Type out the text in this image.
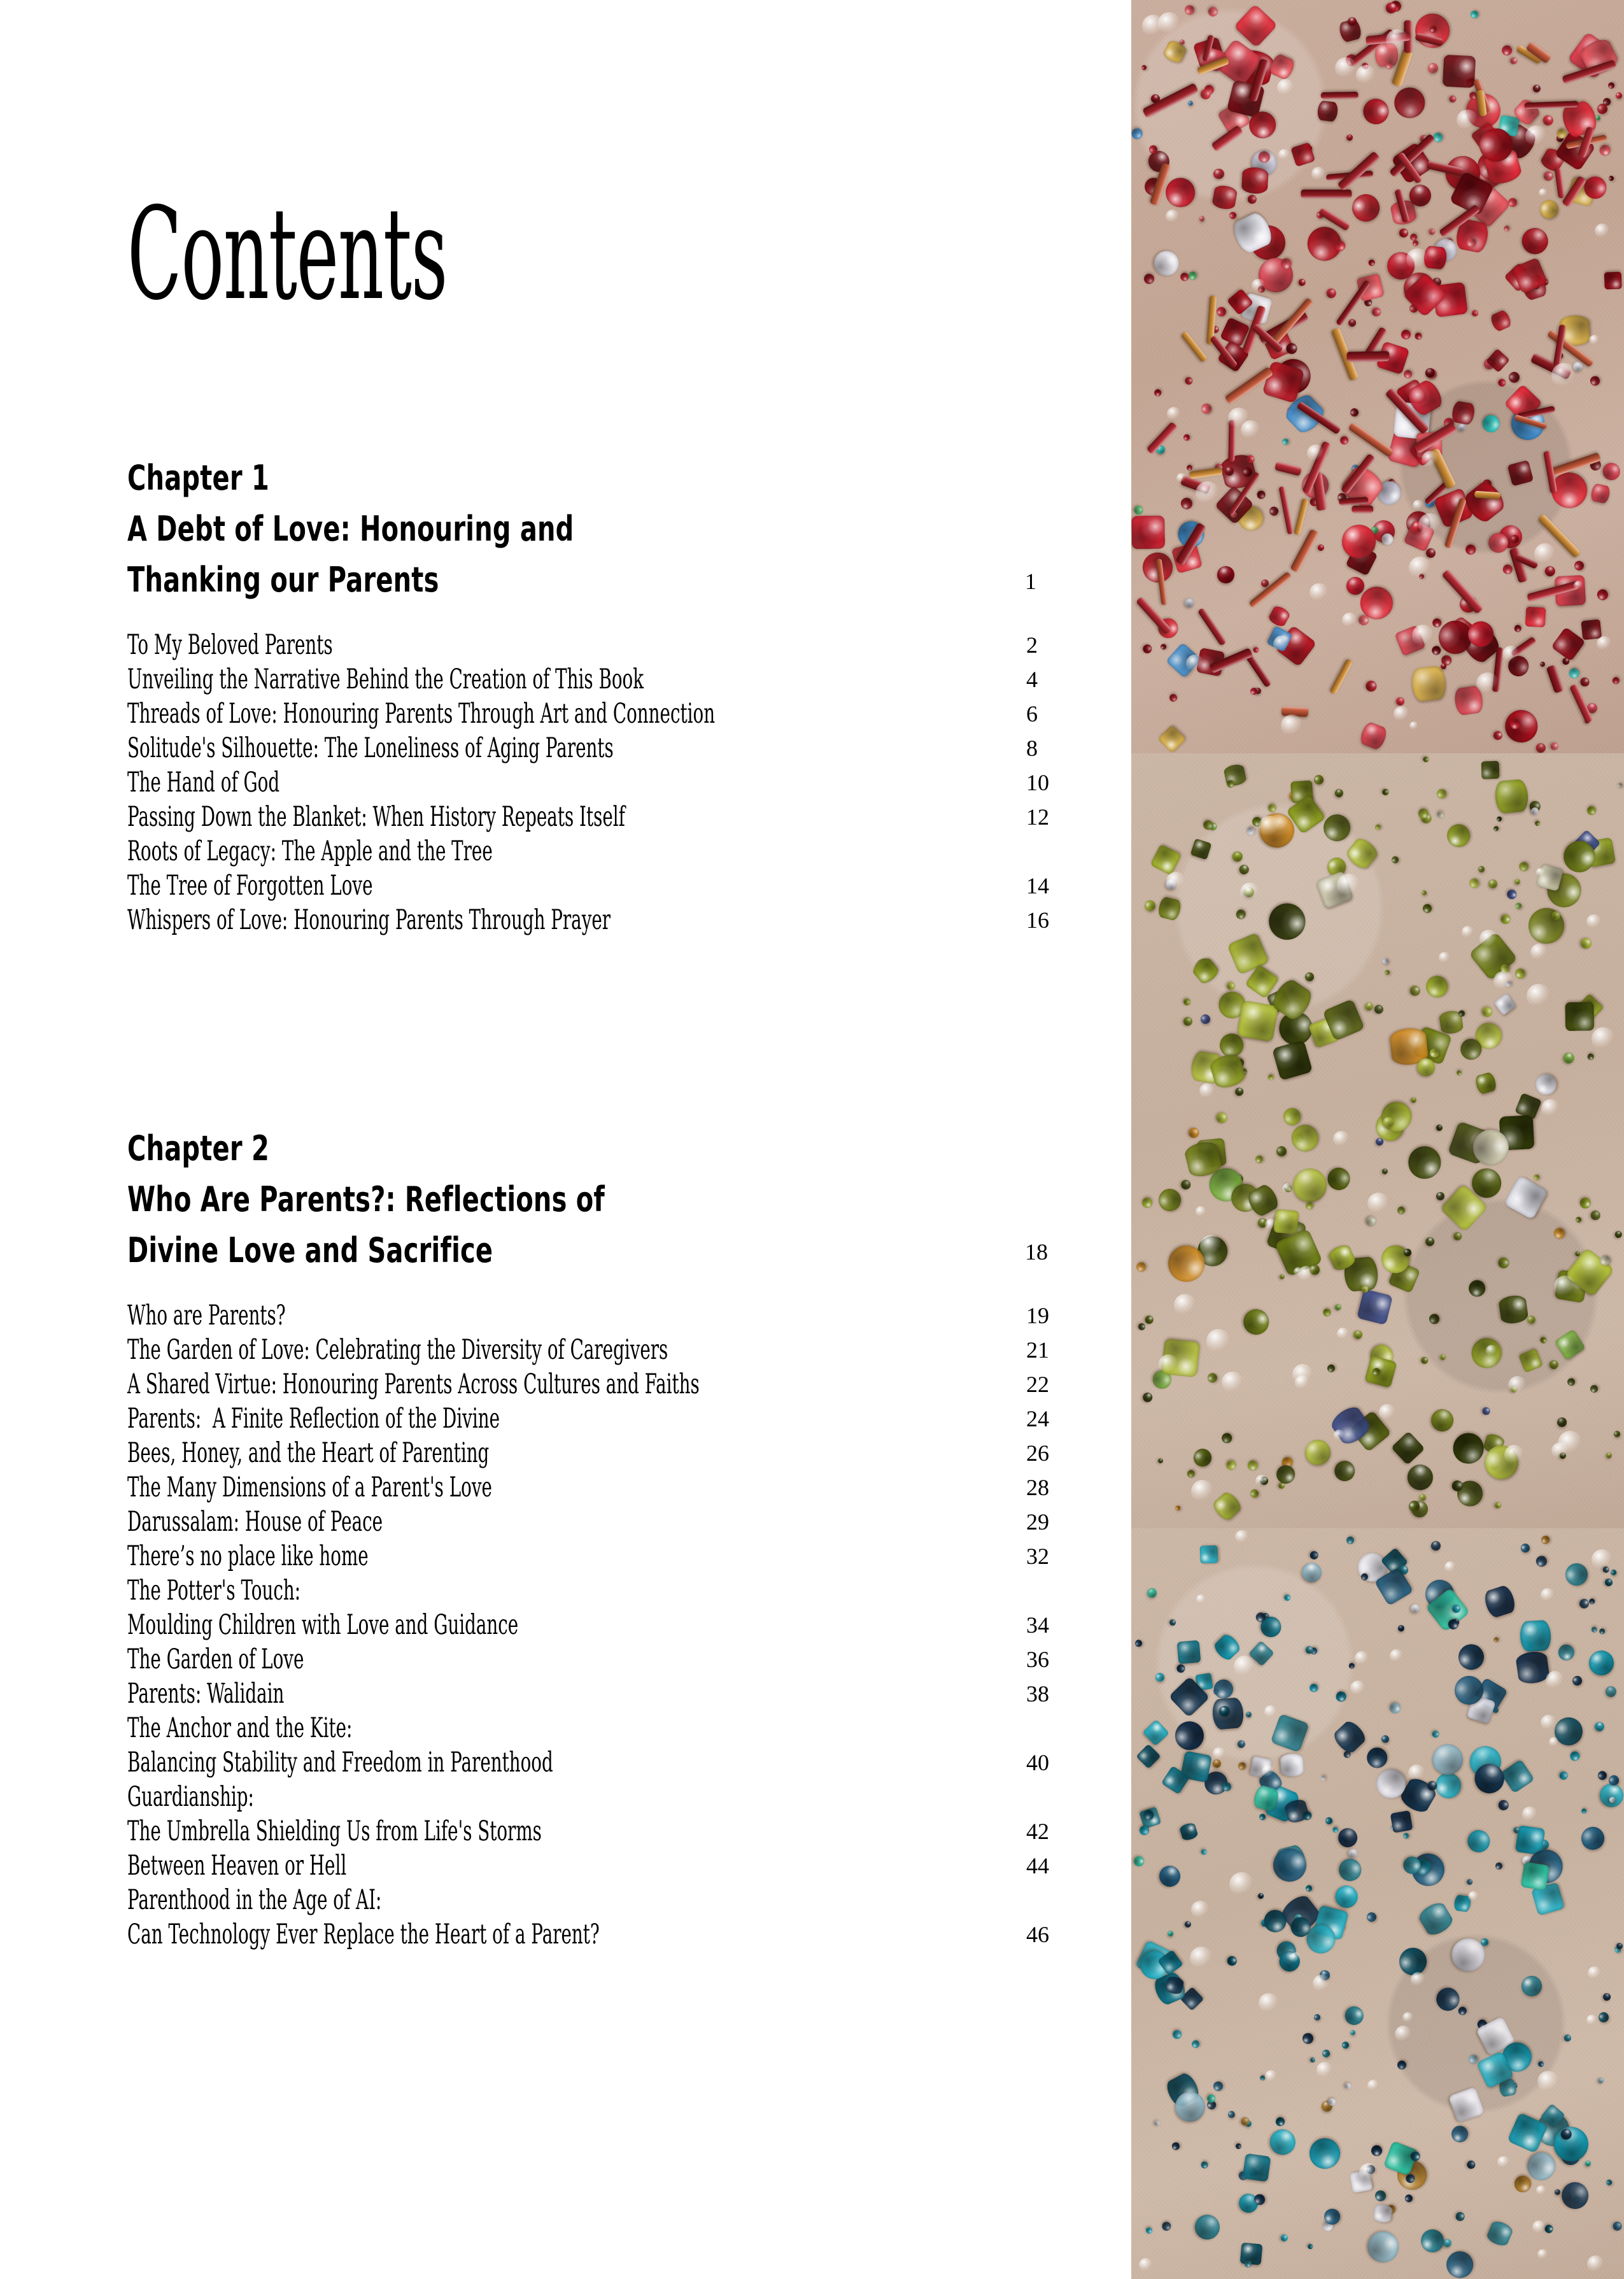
Contents
Chapter 1
A Debt of Love: Honouring and
Thanking our Parents	1
To My Beloved Parents	2
Unveiling the Narrative Behind the Creation of This Book	4
Threads of Love: Honouring Parents Through Art and Connection	6
Solitude's Silhouette: The Loneliness of Aging Parents	8
The Hand of God	10
Passing Down the Blanket: When History Repeats Itself	12
Roots of Legacy: The Apple and the Tree
The Tree of Forgotten Love	14
Whispers of Love: Honouring Parents Through Prayer	16
Chapter 2
Who Are Parents?: Reflections of
Divine Love and Sacrifice	18
Who are Parents?	19
The Garden of Love: Celebrating the Diversity of Caregivers	21
A Shared Virtue: Honouring Parents Across Cultures and Faiths	22
Parents:  A Finite Reflection of the Divine	24
Bees, Honey, and the Heart of Parenting	26
The Many Dimensions of a Parent's Love	28
Darussalam: House of Peace	29
There’s no place like home	32
The Potter's Touch:
Moulding Children with Love and Guidance	34
The Garden of Love	36
Parents: Walidain	38
The Anchor and the Kite:
Balancing Stability and Freedom in Parenthood	40
Guardianship:
The Umbrella Shielding Us from Life's Storms	42
Between Heaven or Hell	44
Parenthood in the Age of AI:
Can Technology Ever Replace the Heart of a Parent?	46
